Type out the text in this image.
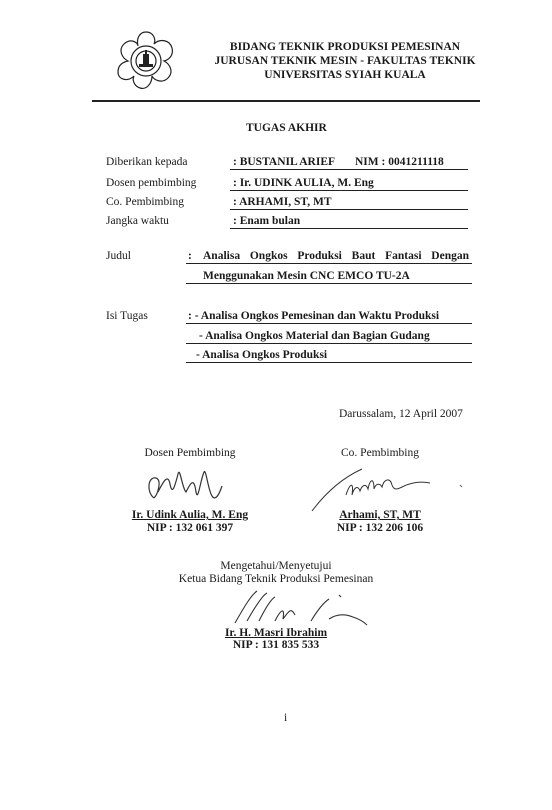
BIDANG TEKNIK PRODUKSI PEMESINAN
JURUSAN TEKNIK MESIN - FAKULTAS TEKNIK
UNIVERSITAS SYIAH KUALA
TUGAS AKHIR
Diberikan kepada	: BUSTANIL ARIEF NIM : 0041211118
Dosen pembimbing	: Ir. UDINK AULIA, M. Eng
Co. Pembimbing	: ARHAMI, ST, MT
Jangka waktu	: Enam bulan
Judul	: Analisa Ongkos Produksi Baut Fantasi Dengan
Menggunakan Mesin CNC EMCO TU-2A
Isi Tugas	: - Analisa Ongkos Pemesinan dan Waktu Produksi
- Analisa Ongkos Material dan Bagian Gudang
- Analisa Ongkos Produksi
Darussalam, 12 April 2007
Dosen Pembimbing
Ir. Udink Aulia, M. Eng
NIP : 132 061 397
Co. Pembimbing
Arhami, ST, MT
NIP : 132 206 106
Mengetahui/Menyetujui
Ketua Bidang Teknik Produksi Pemesinan
Ir. H. Masri Ibrahim
NIP : 131 835 533
i
